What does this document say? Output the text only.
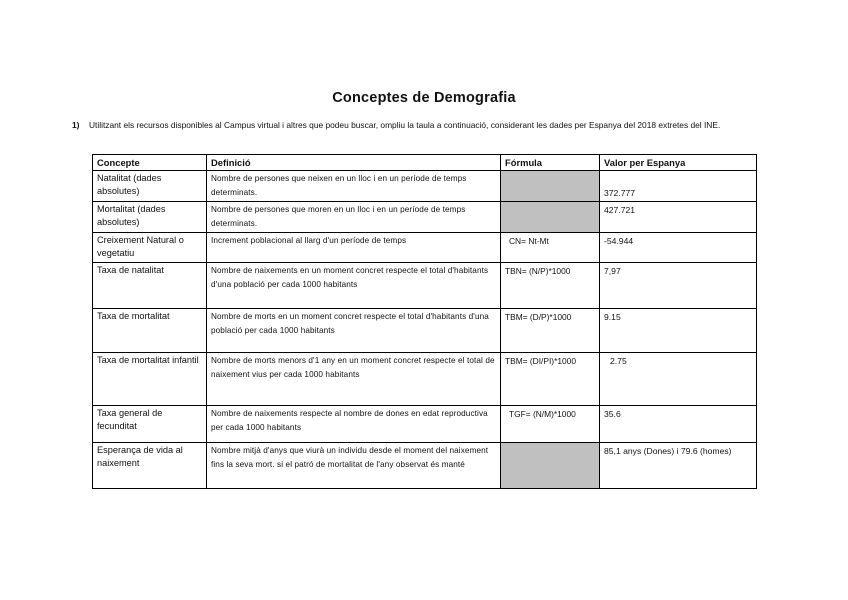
Conceptes de Demografia
1) Utilitzant els recursos disponibles al Campus virtual i altres que podeu buscar, ompliu la taula a continuació, considerant les dades per Espanya del 2018 extretes del INE.
Concepte	Definició	Fórmula	Valor per Espanya
Natalitat (dades absolutes)	Nombre de persones que neixen en un lloc i en un període de temps determinats.		372.777

Mortalitat (dades absolutes)	Nombre de persones que moren en un lloc i en un període de temps determinats.		427.721
Creixement Natural o vegetatiu	Increment poblacional al llarg d'un període de temps	CN= Nt-Mt	-54.944
Taxa de natalitat	Nombre de naixements en un moment concret respecte el total d'habitants d'una població per cada 1000 habitants	TBN= (N/P)*1000	7,97
Taxa de mortalitat	Nombre de morts en un moment concret respecte el total d'habitants d'una població per cada 1000 habitants	TBM= (D/P)*1000	9.15
Taxa de mortalitat infantil	Nombre de morts menors d'1 any en un moment concret respecte el total de naixement vius per cada 1000 habitants	TBM= (DI/PI)*1000	2.75
Taxa general de fecunditat	Nombre de naixements respecte al nombre de dones en edat reproductiva per cada 1000 habitants	TGF= (N/M)*1000	35.6
Esperança de vida al naixement	Nombre mitjà d'anys que viurà un individu desde el moment del naixement fins la seva mort. si el patró de mortalitat de l'any observat és manté		85,1 anys (Dones) i 79.6 (homes)
